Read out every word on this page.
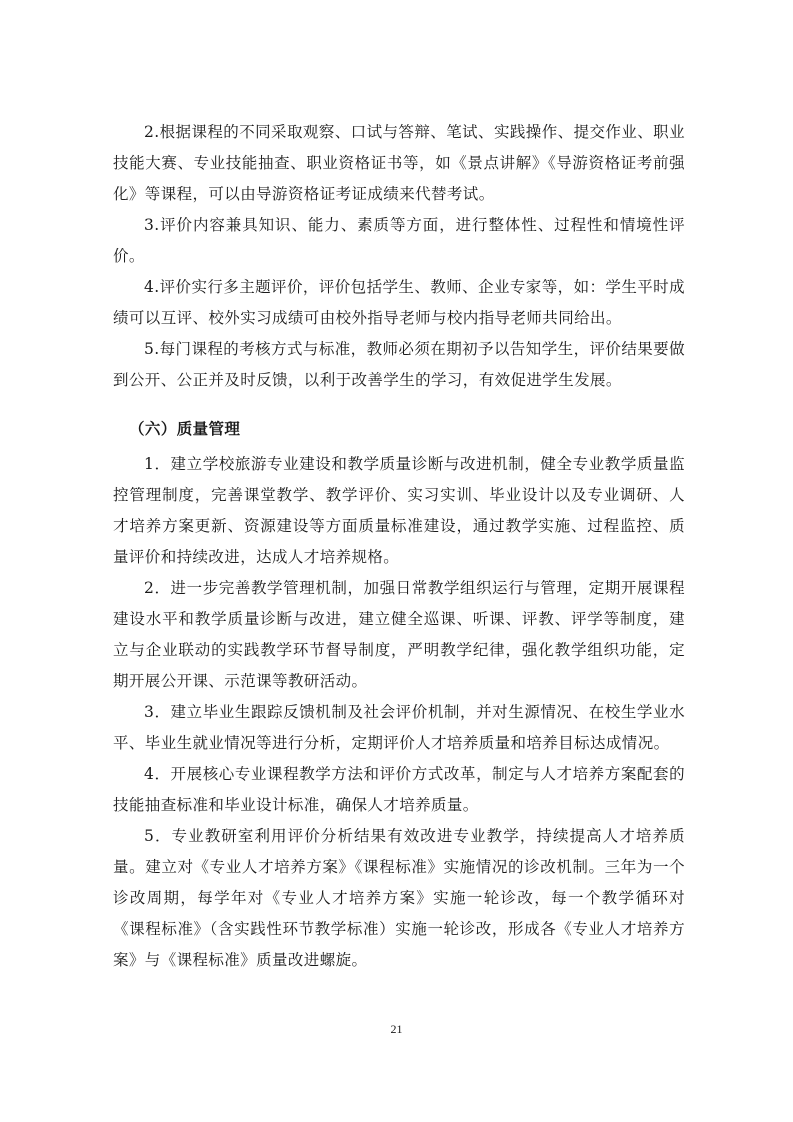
2.根据课程的不同采取观察、口试与答辩、笔试、实践操作、提交作业、职业技能大赛、专业技能抽查、职业资格证书等，如《景点讲解》《导游资格证考前强化》等课程，可以由导游资格证考证成绩来代替考试。

3.评价内容兼具知识、能力、素质等方面，进行整体性、过程性和情境性评价。

4.评价实行多主题评价，评价包括学生、教师、企业专家等，如：学生平时成绩可以互评、校外实习成绩可由校外指导老师与校内指导老师共同给出。

5.每门课程的考核方式与标准，教师必须在期初予以告知学生，评价结果要做到公开、公正并及时反馈，以利于改善学生的学习，有效促进学生发展。

（六）质量管理

1．建立学校旅游专业建设和教学质量诊断与改进机制，健全专业教学质量监控管理制度，完善课堂教学、教学评价、实习实训、毕业设计以及专业调研、人才培养方案更新、资源建设等方面质量标准建设，通过教学实施、过程监控、质量评价和持续改进，达成人才培养规格。

2．进一步完善教学管理机制，加强日常教学组织运行与管理，定期开展课程建设水平和教学质量诊断与改进，建立健全巡课、听课、评教、评学等制度，建立与企业联动的实践教学环节督导制度，严明教学纪律，强化教学组织功能，定期开展公开课、示范课等教研活动。

3．建立毕业生跟踪反馈机制及社会评价机制，并对生源情况、在校生学业水平、毕业生就业情况等进行分析，定期评价人才培养质量和培养目标达成情况。

4．开展核心专业课程教学方法和评价方式改革，制定与人才培养方案配套的技能抽查标准和毕业设计标准，确保人才培养质量。

5．专业教研室利用评价分析结果有效改进专业教学，持续提高人才培养质量。建立对《专业人才培养方案》《课程标准》实施情况的诊改机制。三年为一个诊改周期，每学年对《专业人才培养方案》实施一轮诊改，每一个教学循环对《课程标准》（含实践性环节教学标准）实施一轮诊改，形成各《专业人才培养方案》与《课程标准》质量改进螺旋。

21
